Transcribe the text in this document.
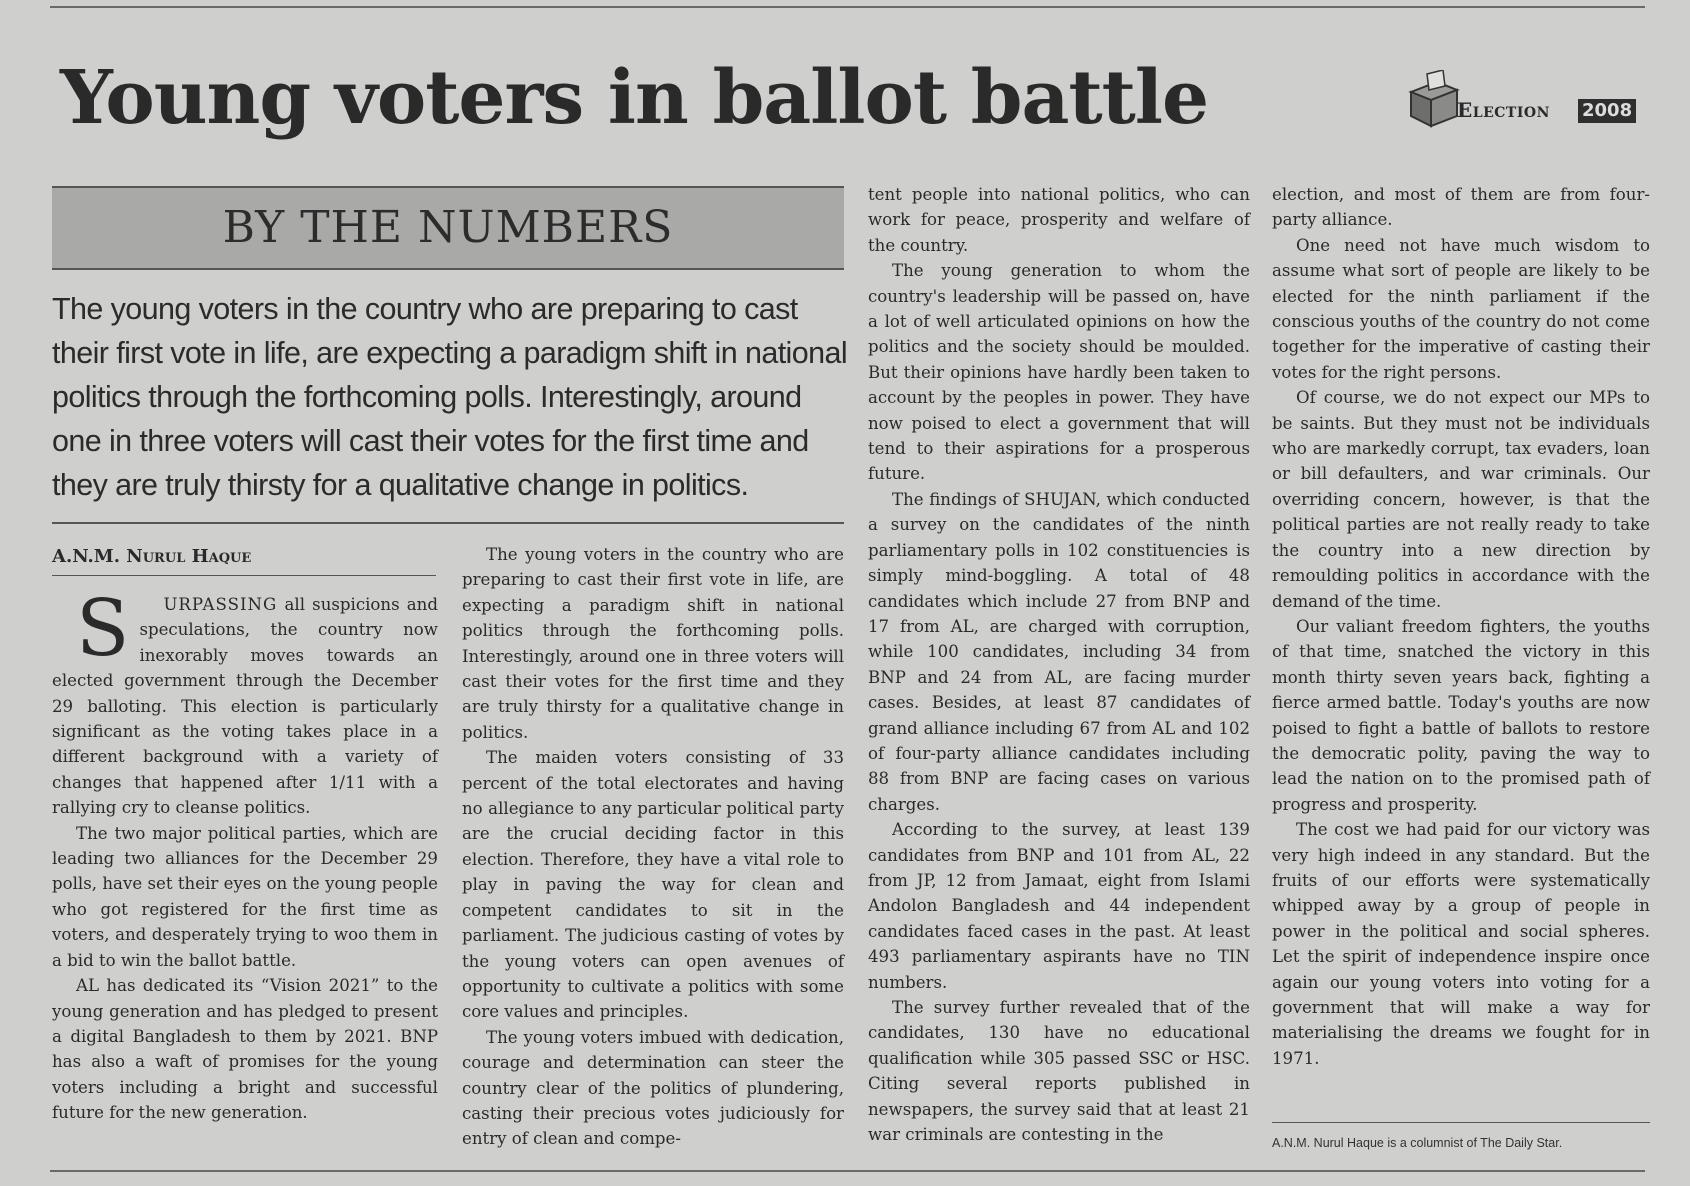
Young voters in ballot battle	Election 2008
BY THE NUMBERS

The young voters in the country who are preparing to cast their first vote in life, are expecting a paradigm shift in national politics through the forthcoming polls. Interestingly, around one in three voters will cast their votes for the first time and they are truly thirsty for a qualitative change in politics.

A.N.M. Nurul Haque

S URPASSING all suspicions and speculations, the country now inexorably moves towards an elected government through the December 29 balloting. This election is particularly significant as the voting takes place in a different background with a variety of changes that happened after 1/11 with a rallying cry to cleanse politics.

The two major political parties, which are leading two alliances for the December 29 polls, have set their eyes on the young people who got registered for the first time as voters, and desperately trying to woo them in a bid to win the ballot battle.

AL has dedicated its “Vision 2021” to the young generation and has pledged to present a digital Bangladesh to them by 2021. BNP has also a waft of promises for the young voters including a bright and successful future for the new generation.

The young voters in the country who are preparing to cast their first vote in life, are expecting a paradigm shift in national politics through the forthcoming polls. Interestingly, around one in three voters will cast their votes for the first time and they are truly thirsty for a qualitative change in politics.

The maiden voters consisting of 33 percent of the total electorates and having no allegiance to any particular political party are the crucial deciding factor in this election. Therefore, they have a vital role to play in paving the way for clean and competent candidates to sit in the parliament. The judicious casting of votes by the young voters can open avenues of opportunity to cultivate a politics with some core values and principles.

The young voters imbued with dedication, courage and determination can steer the country clear of the politics of plundering, casting their precious votes judiciously for entry of clean and compe-

tent people into national politics, who can work for peace, prosperity and welfare of the country.

The young generation to whom the country's leadership will be passed on, have a lot of well articulated opinions on how the politics and the society should be moulded. But their opinions have hardly been taken to account by the peoples in power. They have now poised to elect a government that will tend to their aspirations for a prosperous future.

The findings of SHUJAN, which conducted a survey on the candidates of the ninth parliamentary polls in 102 constituencies is simply mind-boggling. A total of 48 candidates which include 27 from BNP and 17 from AL, are charged with corruption, while 100 candidates, including 34 from BNP and 24 from AL, are facing murder cases. Besides, at least 87 candidates of grand alliance including 67 from AL and 102 of four-party alliance candidates including 88 from BNP are facing cases on various charges.

According to the survey, at least 139 candidates from BNP and 101 from AL, 22 from JP, 12 from Jamaat, eight from Islami Andolon Bangladesh and 44 independent candidates faced cases in the past. At least 493 parliamentary aspirants have no TIN numbers.

The survey further revealed that of the candidates, 130 have no educational qualification while 305 passed SSC or HSC. Citing several reports published in newspapers, the survey said that at least 21 war criminals are contesting in the

election, and most of them are from four-party alliance.

One need not have much wisdom to assume what sort of people are likely to be elected for the ninth parliament if the conscious youths of the country do not come together for the imperative of casting their votes for the right persons.

Of course, we do not expect our MPs to be saints. But they must not be individuals who are markedly corrupt, tax evaders, loan or bill defaulters, and war criminals. Our overriding concern, however, is that the political parties are not really ready to take the country into a new direction by remoulding politics in accordance with the demand of the time.

Our valiant freedom fighters, the youths of that time, snatched the victory in this month thirty seven years back, fighting a fierce armed battle. Today's youths are now poised to fight a battle of ballots to restore the democratic polity, paving the way to lead the nation on to the promised path of progress and prosperity.

The cost we had paid for our victory was very high indeed in any standard. But the fruits of our efforts were systematically whipped away by a group of people in power in the political and social spheres. Let the spirit of independence inspire once again our young voters into voting for a government that will make a way for materialising the dreams we fought for in 1971.

A.N.M. Nurul Haque is a columnist of The Daily Star.
